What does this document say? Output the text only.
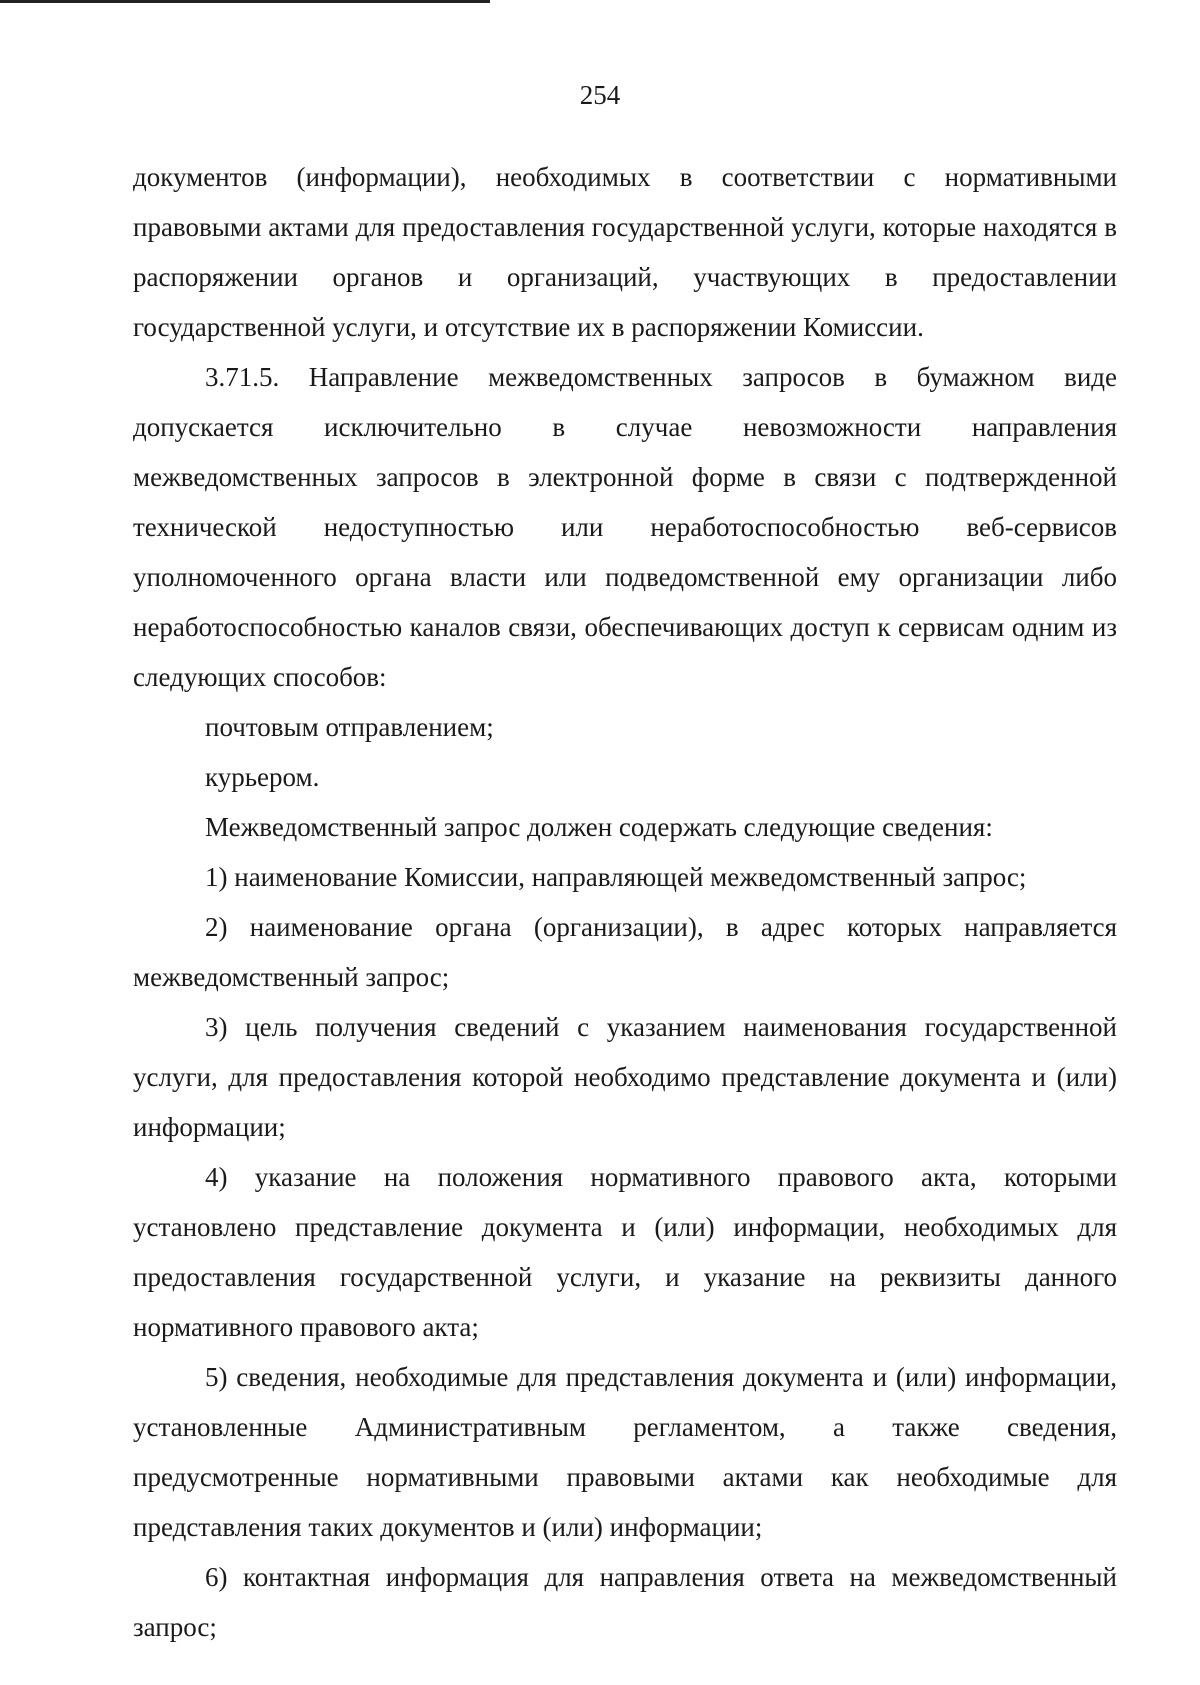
254

документов (информации), необходимых в соответствии с нормативными правовыми актами для предоставления государственной услуги, которые находятся в распоряжении органов и организаций, участвующих в предоставлении государственной услуги, и отсутствие их в распоряжении Комиссии.

3.71.5. Направление межведомственных запросов в бумажном виде допускается исключительно в случае невозможности направления межведомственных запросов в электронной форме в связи с подтвержденной технической недоступностью или неработоспособностью веб-сервисов уполномоченного органа власти или подведомственной ему организации либо неработоспособностью каналов связи, обеспечивающих доступ к сервисам одним из следующих способов:

почтовым отправлением;

курьером.

Межведомственный запрос должен содержать следующие сведения:

1) наименование Комиссии, направляющей межведомственный запрос;

2) наименование органа (организации), в адрес которых направляется межведомственный запрос;

3) цель получения сведений с указанием наименования государственной услуги, для предоставления которой необходимо представление документа и (или) информации;

4) указание на положения нормативного правового акта, которыми установлено представление документа и (или) информации, необходимых для предоставления государственной услуги, и указание на реквизиты данного нормативного правового акта;

5) сведения, необходимые для представления документа и (или) информации, установленные Административным регламентом, а также сведения, предусмотренные нормативными правовыми актами как необходимые для представления таких документов и (или) информации;

6) контактная информация для направления ответа на межведомственный запрос;
